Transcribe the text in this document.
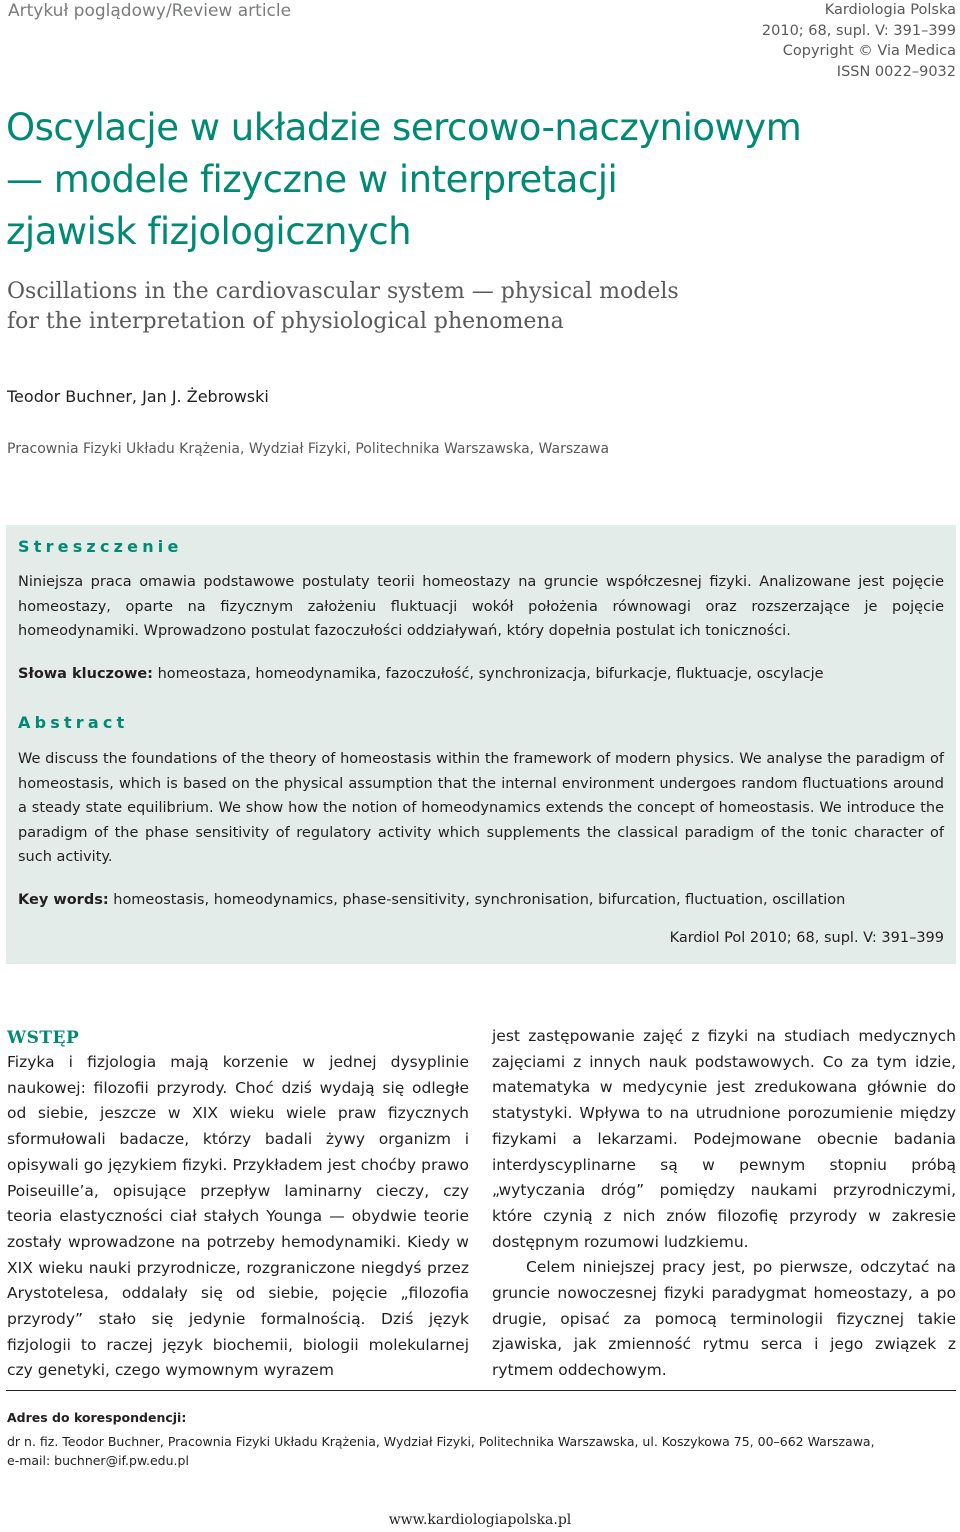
Artykuł poglądowy/Review article	Kardiologia Polska
2010; 68, supl. V: 391–399
Copyright © Via Medica
ISSN 0022–9032
Oscylacje w układzie sercowo-naczyniowym
— modele fizyczne w interpretacji
zjawisk fizjologicznych
Oscillations in the cardiovascular system — physical models
for the interpretation of physiological phenomena
Teodor Buchner, Jan J. Żebrowski
Pracownia Fizyki Układu Krążenia, Wydział Fizyki, Politechnika Warszawska, Warszawa
Streszczenie
Niniejsza praca omawia podstawowe postulaty teorii homeostazy na gruncie współczesnej fizyki. Analizowane jest pojęcie homeostazy, oparte na fizycznym założeniu fluktuacji wokół położenia równowagi oraz rozszerzające je pojęcie homeodynamiki. Wprowadzono postulat fazoczułości oddziaływań, który dopełnia postulat ich toniczności.
Słowa kluczowe: homeostaza, homeodynamika, fazoczułość, synchronizacja, bifurkacje, fluktuacje, oscylacje
Abstract
We discuss the foundations of the theory of homeostasis within the framework of modern physics. We analyse the paradigm of homeostasis, which is based on the physical assumption that the internal environment undergoes random fluctuations around a steady state equilibrium. We show how the notion of homeodynamics extends the concept of homeostasis. We introduce the paradigm of the phase sensitivity of regulatory activity which supplements the classical paradigm of the tonic character of such activity.
Key words: homeostasis, homeodynamics, phase-sensitivity, synchronisation, bifurcation, fluctuation, oscillation
Kardiol Pol 2010; 68, supl. V: 391–399
WSTĘP

Fizyka i fizjologia mają korzenie w jednej dysyplinie naukowej: filozofii przyrody. Choć dziś wydają się odległe od siebie, jeszcze w XIX wieku wiele praw fizycznych sformułowali badacze, którzy badali żywy organizm i opisywali go językiem fizyki. Przykładem jest choćby prawo Poiseuille’a, opisujące przepływ laminarny cieczy, czy teoria elastyczności ciał stałych Younga — obydwie teorie zostały wprowadzone na potrzeby hemodynamiki. Kiedy w XIX wieku nauki przyrodnicze, rozgraniczone niegdyś przez Arystotelesa, oddalały się od siebie, pojęcie „filozofia przyrody” stało się jedynie formalnością. Dziś język fizjologii to raczej język biochemii, biologii molekularnej czy genetyki, czego wymownym wyrazem

jest zastępowanie zajęć z fizyki na studiach medycznych zajęciami z innych nauk podstawowych. Co za tym idzie, matematyka w medycynie jest zredukowana głównie do statystyki. Wpływa to na utrudnione porozumienie między fizykami a lekarzami. Podejmowane obecnie badania interdyscyplinarne są w pewnym stopniu próbą „wytyczania dróg” pomiędzy naukami przyrodniczymi, które czynią z nich znów filozofię przyrody w zakresie dostępnym rozumowi ludzkiemu.

Celem niniejszej pracy jest, po pierwsze, odczytać na gruncie nowoczesnej fizyki paradygmat homeostazy, a po drugie, opisać za pomocą terminologii fizycznej takie zjawiska, jak zmienność rytmu serca i jego związek z rytmem oddechowym.

Adres do korespondencji:
dr n. fiz. Teodor Buchner, Pracownia Fizyki Układu Krążenia, Wydział Fizyki, Politechnika Warszawska, ul. Koszykowa 75, 00–662 Warszawa,
e-mail: buchner@if.pw.edu.pl
www.kardiologiapolska.pl
